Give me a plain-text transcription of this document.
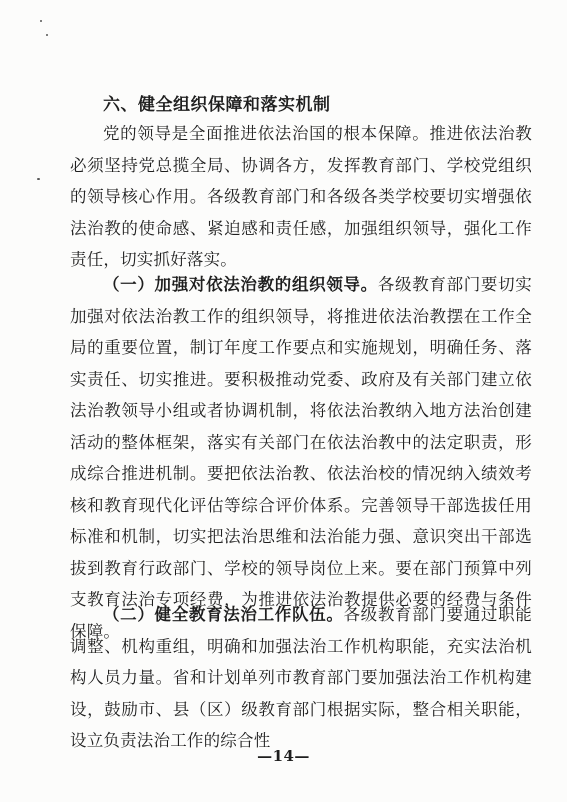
六、健全组织保障和落实机制

党的领导是全面推进依法治国的根本保障。推进依法治教必须坚持党总揽全局、协调各方，发挥教育部门、学校党组织的领导核心作用。各级教育部门和各级各类学校要切实增强依法治教的使命感、紧迫感和责任感，加强组织领导，强化工作责任，切实抓好落实。

（一）加强对依法治教的组织领导。各级教育部门要切实加强对依法治教工作的组织领导，将推进依法治教摆在工作全局的重要位置，制订年度工作要点和实施规划，明确任务、落实责任、切实推进。要积极推动党委、政府及有关部门建立依法治教领导小组或者协调机制，将依法治教纳入地方法治创建活动的整体框架，落实有关部门在依法治教中的法定职责，形成综合推进机制。要把依法治教、依法治校的情况纳入绩效考核和教育现代化评估等综合评价体系。完善领导干部选拔任用标准和机制，切实把法治思维和法治能力强、意识突出干部选拔到教育行政部门、学校的领导岗位上来。要在部门预算中列支教育法治专项经费，为推进依法治教提供必要的经费与条件保障。

（二）健全教育法治工作队伍。各级教育部门要通过职能调整、机构重组，明确和加强法治工作机构职能，充实法治机构人员力量。省和计划单列市教育部门要加强法治工作机构建设，鼓励市、县（区）级教育部门根据实际，整合相关职能，设立负责法治工作的综合性

—14—
